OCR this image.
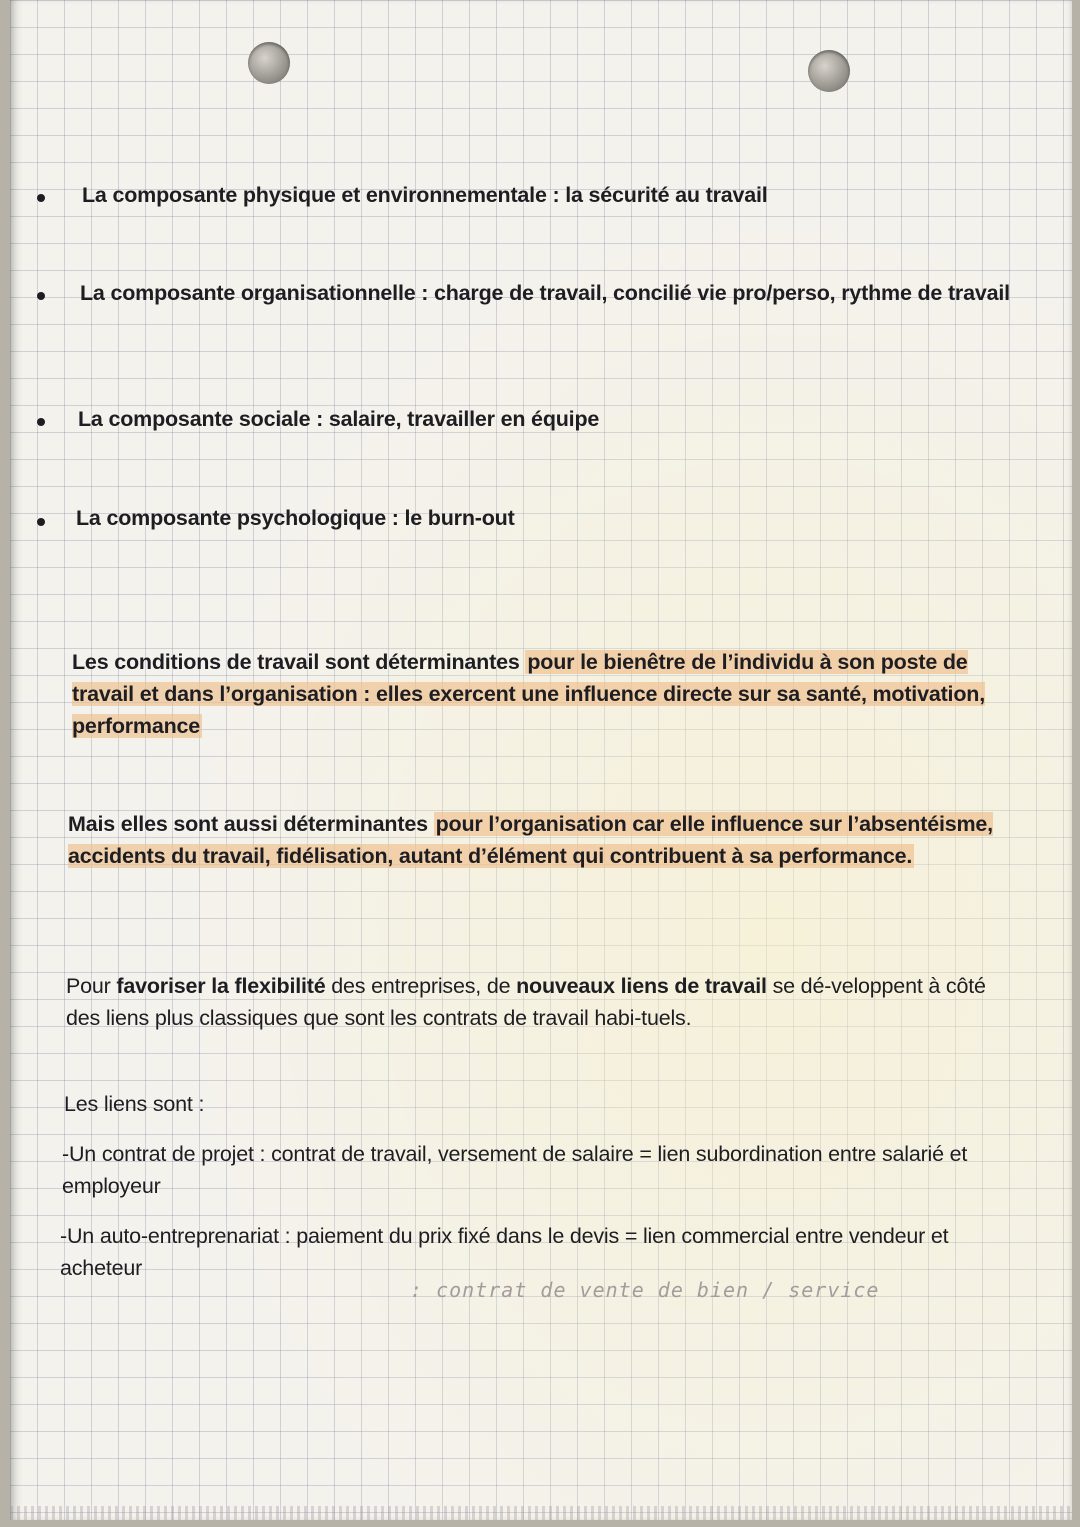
La composante physique et environnementale : la sécurité au travail
La composante organisationnelle : charge de travail, concilié vie pro/perso, rythme de travail
La composante sociale : salaire, travailler en équipe
La composante psychologique : le burn-out
Les conditions de travail sont déterminantes pour le bienêtre de l’individu à son poste de travail et dans l’organisation : elles exercent une influence directe sur sa santé, motivation, performance
Mais elles sont aussi déterminantes pour l’organisation car elle influence sur l’absentéisme, accidents du travail, fidélisation, autant d’élément qui contribuent à sa performance.
Pour favoriser la flexibilité des entreprises, de nouveaux liens de travail se dé-veloppent à côté des liens plus classiques que sont les contrats de travail habi-tuels.
Les liens sont :
-Un contrat de projet : contrat de travail, versement de salaire = lien subordination entre salarié et employeur
-Un auto-entreprenariat : paiement du prix fixé dans le devis = lien commercial entre vendeur et acheteur
: contrat de vente de bien / service
